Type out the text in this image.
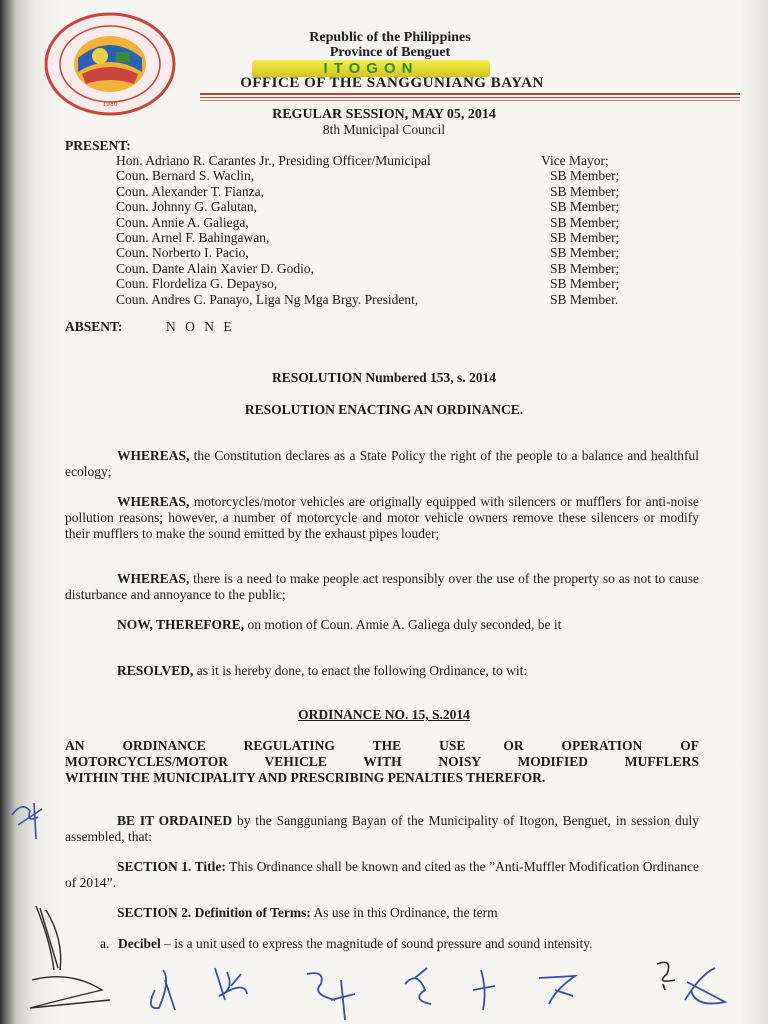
1980
Republic of the Philippines
Province of Benguet
ITOGON
OFFICE OF THE SANGGUNIANG BAYAN
REGULAR SESSION, MAY 05, 2014
8th Municipal Council
PRESENT:
Hon. Adriano R. Carantes Jr., Presiding Officer/Municipal	Vice Mayor;
Coun. Bernard S. Waclin,	SB Member;
Coun. Alexander T. Fianza,	SB Member;
Coun. Johnny G. Galutan,	SB Member;
Coun. Annie A. Galiega,	SB Member;
Coun. Arnel F. Bahingawan,	SB Member;
Coun. Norberto I. Pacio,	SB Member;
Coun. Dante Alain Xavier D. Godio,	SB Member;
Coun. Flordeliza G. Depayso,	SB Member;
Coun. Andres C. Panayo, Liga Ng Mga Brgy. President,	SB Member.
ABSENT:	N O N E
RESOLUTION Numbered 153, s. 2014
RESOLUTION ENACTING AN ORDINANCE.
WHEREAS, the Constitution declares as a State Policy the right of the people to a balance and healthful ecology;
WHEREAS, motorcycles/motor vehicles are originally equipped with silencers or mufflers for anti-noise pollution reasons; however, a number of motorcycle and motor vehicle owners remove these silencers or modify their mufflers to make the sound emitted by the exhaust pipes louder;
WHEREAS, there is a need to make people act responsibly over the use of the property so as not to cause disturbance and annoyance to the public;
NOW, THEREFORE, on motion of Coun. Annie A. Galiega duly seconded, be it
RESOLVED, as it is hereby done, to enact the following Ordinance, to wit:
ORDINANCE NO. 15, S.2014
AN ORDINANCE REGULATING THE USE OR OPERATION OF
MOTORCYCLES/MOTOR VEHICLE WITH NOISY MODIFIED MUFFLERS
WITHIN THE MUNICIPALITY AND PRESCRIBING PENALTIES THEREFOR.
BE IT ORDAINED by the Sangguniang Bayan of the Municipality of Itogon, Benguet, in session duly assembled, that:
SECTION 1. Title: This Ordinance shall be known and cited as the ”Anti-Muffler Modification Ordinance of 2014”.
SECTION 2. Definition of Terms: As use in this Ordinance, the term
a. Decibel – is a unit used to express the magnitude of sound pressure and sound intensity.
